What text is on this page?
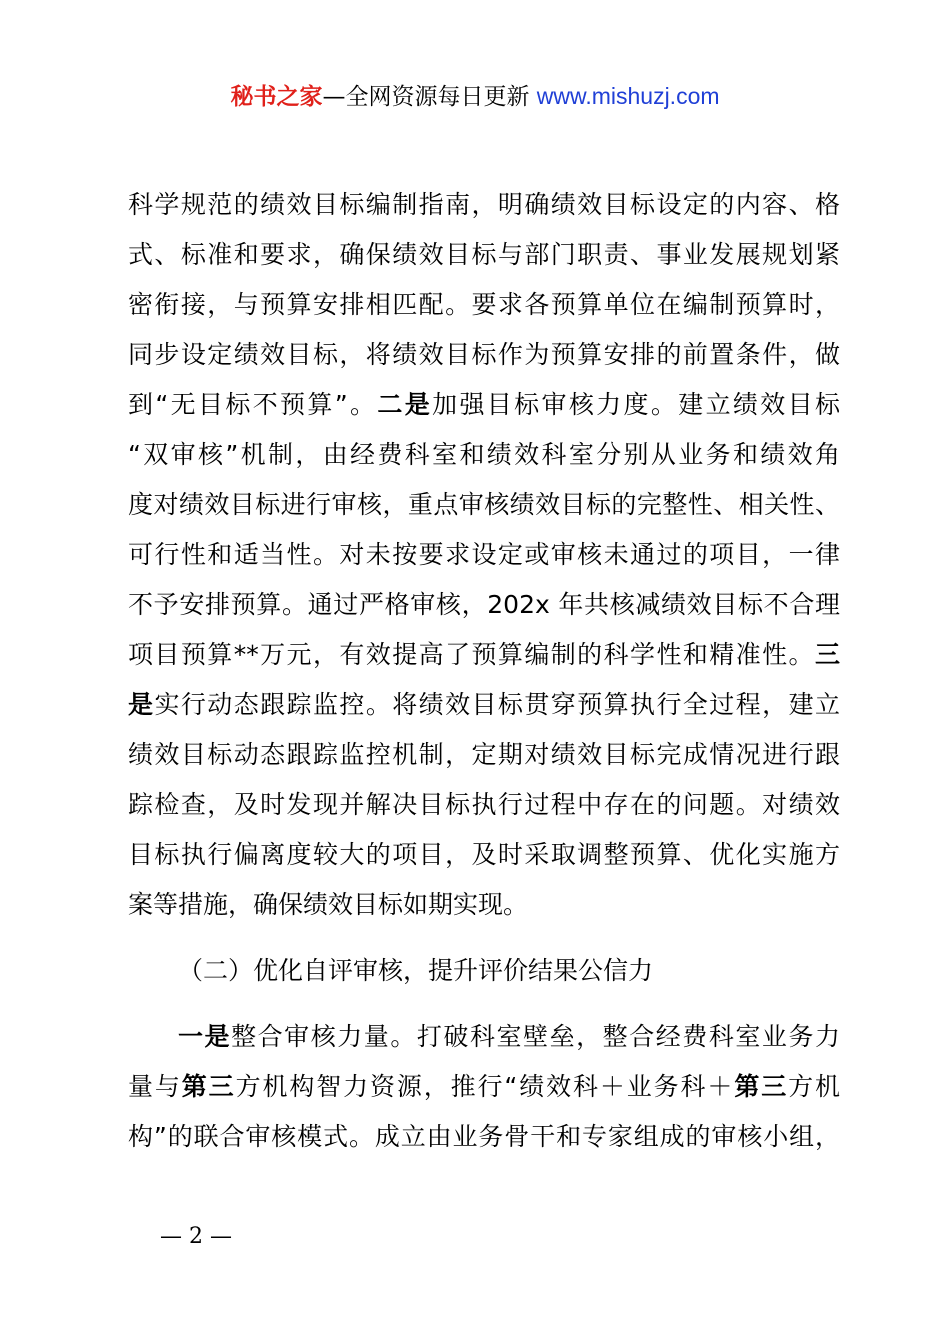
秘书之家—全网资源每日更新 www.mishuzj.com
科学规范的绩效目标编制指南，明确绩效目标设定的内容、格
式、标准和要求，确保绩效目标与部门职责、事业发展规划紧
密衔接，与预算安排相匹配。要求各预算单位在编制预算时，
同步设定绩效目标，将绩效目标作为预算安排的前置条件，做
到“无目标不预算”。二是加强目标审核力度。建立绩效目标
“双审核”机制，由经费科室和绩效科室分别从业务和绩效角
度对绩效目标进行审核，重点审核绩效目标的完整性、相关性、
可行性和适当性。对未按要求设定或审核未通过的项目，一律
不予安排预算。通过严格审核，202x 年共核减绩效目标不合理
项目预算**万元，有效提高了预算编制的科学性和精准性。三
是实行动态跟踪监控。将绩效目标贯穿预算执行全过程，建立
绩效目标动态跟踪监控机制，定期对绩效目标完成情况进行跟
踪检查，及时发现并解决目标执行过程中存在的问题。对绩效
目标执行偏离度较大的项目，及时采取调整预算、优化实施方
案等措施，确保绩效目标如期实现。
（二）优化自评审核，提升评价结果公信力
一是整合审核力量。打破科室壁垒，整合经费科室业务力
量与第三方机构智力资源，推行“绩效科＋业务科＋第三方机
构”的联合审核模式。成立由业务骨干和专家组成的审核小组，
— 2 —
